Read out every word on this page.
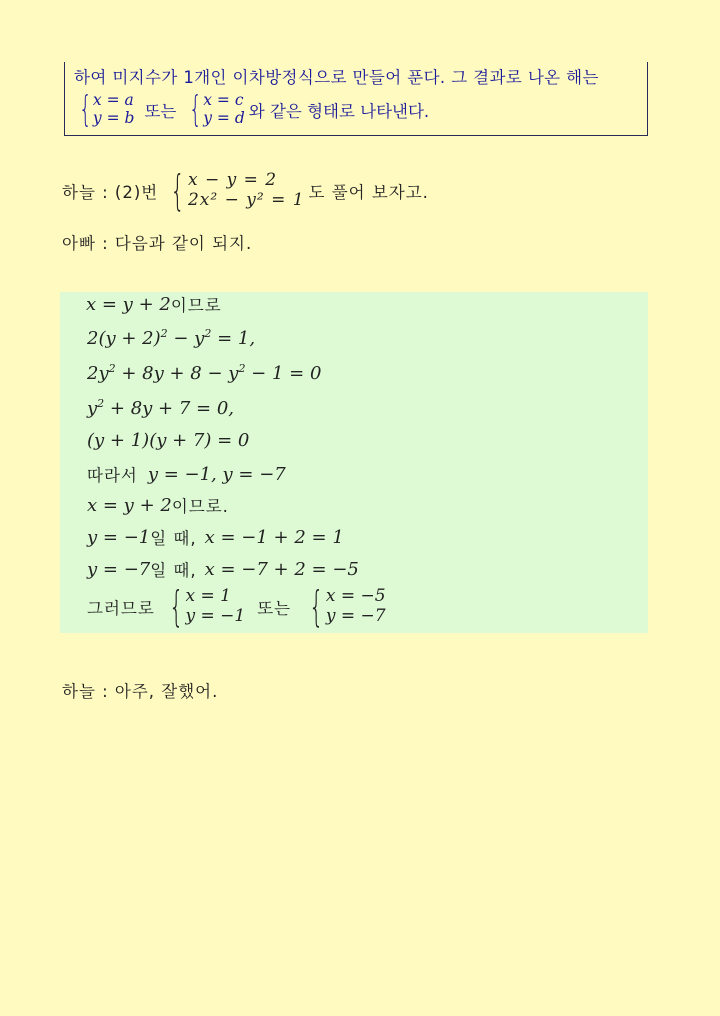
하여 미지수가 1개인 이차방정식으로 만들어 푼다. 그 결과로 나온 해는
{ x = a
y = b 또는 { x = c
y = d 와 같은 형태로 나타낸다.
하늘 : (2)번 { x − y = 2
2x² − y² = 1 도 풀어 보자고.
아빠 : 다음과 같이 되지.
x = y + 2 이므로
$2(y + 2)^2 - y^2 = 1$,
$2y^2 + 8y + 8 - y^2 - 1 = 0$
$y^2 + 8y + 7 = 0$,
(y + 1)(y + 7) = 0
따라서 y = −1, y = −7
x = y + 2 이므로.
y = −1 일 때, x = −1 + 2 = 1
y = −7 일 때, x = −7 + 2 = −5
그러므로 { x = 1
y = −1 또는 { x = −5
y = −7
하늘 : 아주, 잘했어.
